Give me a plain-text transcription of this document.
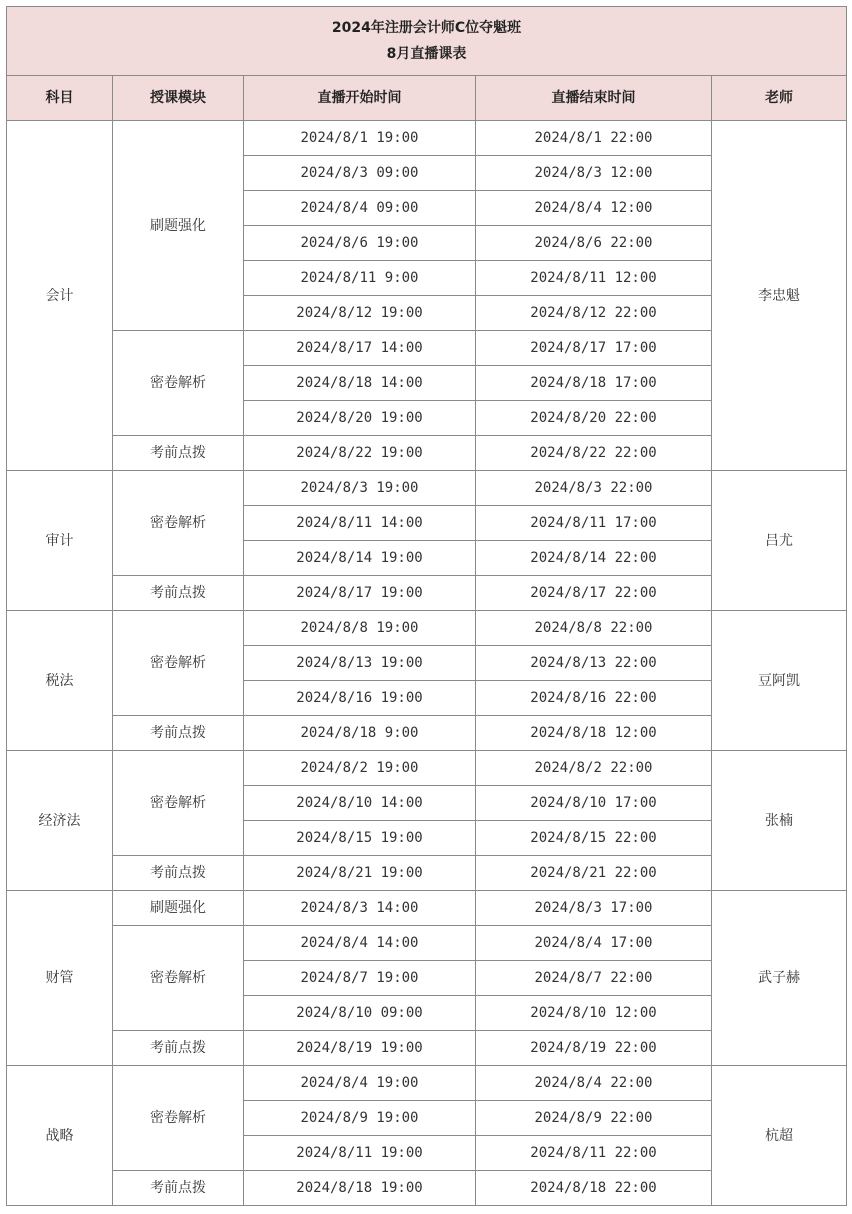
2024年注册会计师C位夺魁班
8月直播课表				

科目	授课模块	直播开始时间	直播结束时间	老师
会计	刷题强化	2024/8/1 19:00	2024/8/1 22:00	李忠魁
		2024/8/3 09:00	2024/8/3 12:00	
		2024/8/4 09:00	2024/8/4 12:00	
		2024/8/6 19:00	2024/8/6 22:00	
		2024/8/11 9:00	2024/8/11 12:00	
		2024/8/12 19:00	2024/8/12 22:00	
	密卷解析	2024/8/17 14:00	2024/8/17 17:00	
		2024/8/18 14:00	2024/8/18 17:00	
		2024/8/20 19:00	2024/8/20 22:00	
	考前点拨	2024/8/22 19:00	2024/8/22 22:00	
审计	密卷解析	2024/8/3 19:00	2024/8/3 22:00	吕尤
		2024/8/11 14:00	2024/8/11 17:00	
		2024/8/14 19:00	2024/8/14 22:00	
	考前点拨	2024/8/17 19:00	2024/8/17 22:00	
税法	密卷解析	2024/8/8 19:00	2024/8/8 22:00	豆阿凯
		2024/8/13 19:00	2024/8/13 22:00	
		2024/8/16 19:00	2024/8/16 22:00	
	考前点拨	2024/8/18 9:00	2024/8/18 12:00	
经济法	密卷解析	2024/8/2 19:00	2024/8/2 22:00	张楠
		2024/8/10 14:00	2024/8/10 17:00	
		2024/8/15 19:00	2024/8/15 22:00	
	考前点拨	2024/8/21 19:00	2024/8/21 22:00	
财管	刷题强化	2024/8/3 14:00	2024/8/3 17:00	武子赫
	密卷解析	2024/8/4 14:00	2024/8/4 17:00	
		2024/8/7 19:00	2024/8/7 22:00	
		2024/8/10 09:00	2024/8/10 12:00	
	考前点拨	2024/8/19 19:00	2024/8/19 22:00	
战略	密卷解析	2024/8/4 19:00	2024/8/4 22:00	杭超
		2024/8/9 19:00	2024/8/9 22:00	
		2024/8/11 19:00	2024/8/11 22:00	
	考前点拨	2024/8/18 19:00	2024/8/18 22:00	
